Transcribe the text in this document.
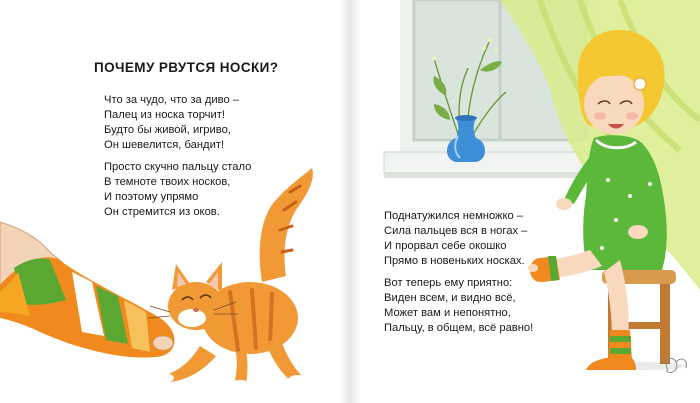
ПОЧЕМУ РВУТСЯ НОСКИ?

Что за чудо, что за диво –
Палец из носка торчит!
Будто бы живой, игриво,
Он шевелится, бандит!

Просто скучно пальцу стало
В темноте твоих носков,
И поэтому упрямо
Он стремится из оков.	Поднатужился немножко –
Сила пальцев вся в ногах –
И прорвал себе окошко
Прямо в новеньких носках.

Вот теперь ему приятно:
Виден всем, и видно всё,
Может вам и непонятно,
Пальцу, в общем, всё равно!
